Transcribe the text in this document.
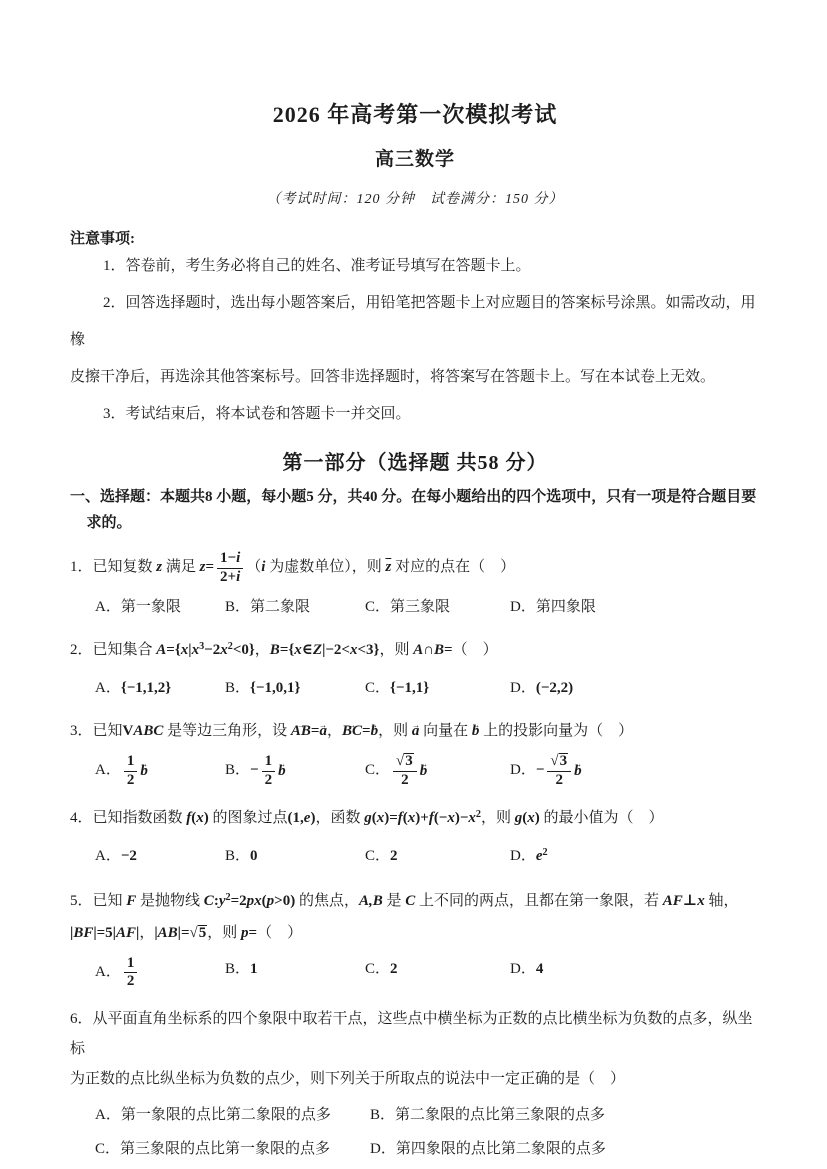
2026 年高考第一次模拟考试
高三数学
（考试时间：120 分钟　试卷满分：150 分）
注意事项:
1．答卷前，考生务必将自己的姓名、准考证号填写在答题卡上。
2．回答选择题时，选出每小题答案后，用铅笔把答题卡上对应题目的答案标号涂黑。如需改动，用橡
皮擦干净后，再选涂其他答案标号。回答非选择题时，将答案写在答题卡上。写在本试卷上无效。
3．考试结束后，将本试卷和答题卡一并交回。
第一部分（选择题 共58 分）
一、选择题：本题共8 小题，每小题5 分，共40 分。在每小题给出的四个选项中，只有一项是符合题目要
求的。
1．已知复数 z 满足 $z= \frac{1-i}{2+i} (i$ 为虚数单位），则 $\overline{z}$ 对应的点在（　）
A．第一象限	B．第二象限	C．第三象限	D．第四象限
2．已知集合 $A=\{x|x^3-2x^2<0\}$，B={x∈Z|−2<x<3}，则 A∩B=（　）
A．{−1,1,2}	B．{−1,0,1}	C．{−1,1}	D．(−2,2)
3．已知VABC 是等边三角形，设 AB →=a →，BC →=b →，则 a → 向量在 b → 上的投影向量为（　）
A． $\frac{1}{2}$ b →	B．− $\frac{1}{2}$ b →	C． $\frac{√3}{2}$ b →	D．− $\frac{√3}{2}$ b →
4．已知指数函数 f(x) 的图象过点(1,e)，函数 $g(x)=f(x)+f(-x)-x^2$，则 g(x) 的最小值为（　）
A．−2	B．0	C．2	D．$e^2$
5．已知 F 是抛物线 $C:y^2=2px(p>0)$ 的焦点，A,B 是 C 上不同的两点，且都在第一象限，若 AF⊥x 轴，
|BF|=5|AF|，|AB|=√5，则 p=（　）
A． $\frac{1}{2}$	B．1	C．2	D．4
6．从平面直角坐标系的四个象限中取若干点，这些点中横坐标为正数的点比横坐标为负数的点多，纵坐标
为正数的点比纵坐标为负数的点少，则下列关于所取点的说法中一定正确的是（　）
A．第一象限的点比第二象限的点多	B．第二象限的点比第三象限的点多
C．第三象限的点比第一象限的点多	D．第四象限的点比第二象限的点多
